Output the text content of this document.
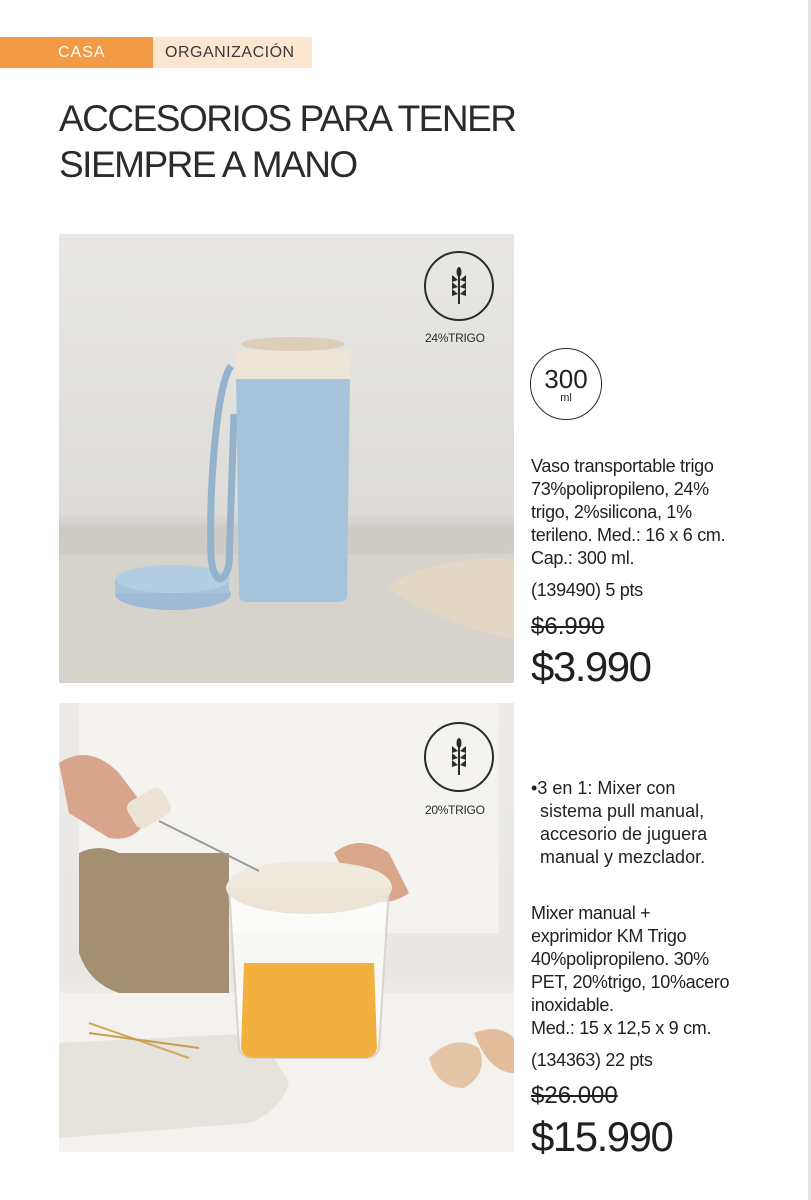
CASA	ORGANIZACIÓN
ACCESORIOS PARA TENER
SIEMPRE A MANO
24%TRIGO
300
ml
Vaso transportable trigo
73%polipropileno, 24%
trigo, 2%silicona, 1%
terileno. Med.: 16 x 6 cm.
Cap.: 300 ml.
(139490) 5 pts
$6.990
$3.990
20%TRIGO
•3 en 1: Mixer con
sistema pull manual,
accesorio de juguera
manual y mezclador.
Mixer manual +
exprimidor KM Trigo
40%polipropileno. 30%
PET, 20%trigo, 10%acero
inoxidable.
Med.: 15 x 12,5 x 9 cm.
(134363) 22 pts
$26.000
$15.990
